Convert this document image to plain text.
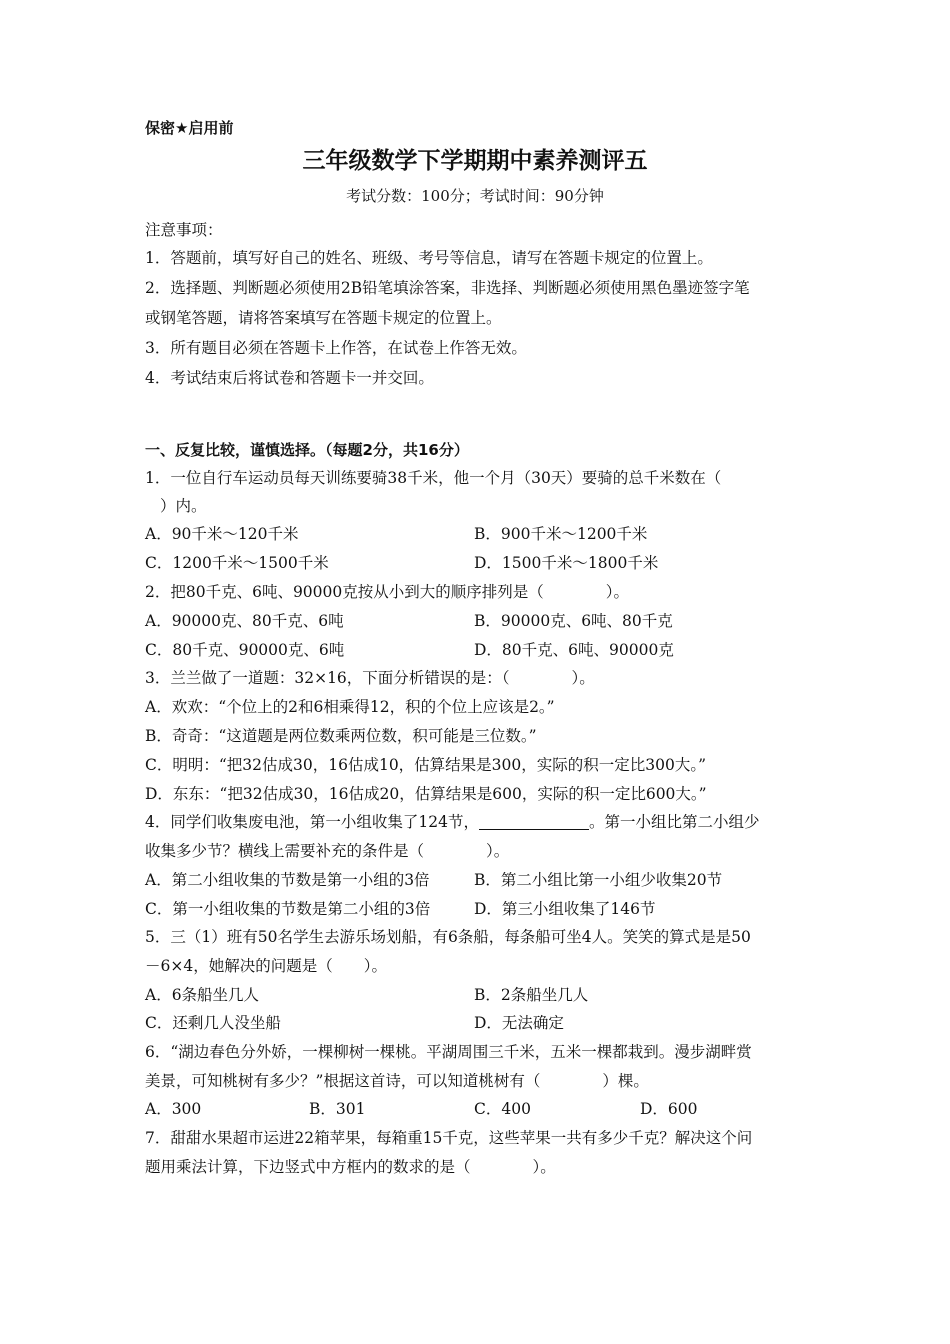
保密★启用前
三年级数学下学期期中素养测评五
考试分数：100分；考试时间：90分钟
注意事项：
1．答题前，填写好自己的姓名、班级、考号等信息，请写在答题卡规定的位置上。
2．选择题、判断题必须使用2B铅笔填涂答案，非选择、判断题必须使用黑色墨迹签字笔
或钢笔答题，请将答案填写在答题卡规定的位置上。
3．所有题目必须在答题卡上作答，在试卷上作答无效。
4．考试结束后将试卷和答题卡一并交回。
一、反复比较，谨慎选择。（每题2分，共16分）
1．一位自行车运动员每天训练要骑38千米，他一个月（30天）要骑的总千米数在（
）内。
A．90千米～120千米	B．900千米～1200千米
C．1200千米～1500千米	D．1500千米～1800千米
2．把80千克、6吨、90000克按从小到大的顺序排列是（　　　　）。
A．90000克、80千克、6吨	B．90000克、6吨、80千克
C．80千克、90000克、6吨	D．80千克、6吨、90000克
3．兰兰做了一道题：32×16，下面分析错误的是：（　　　　）。
A．欢欢：“个位上的2和6相乘得12，积的个位上应该是2。”
B．奇奇：“这道题是两位数乘两位数，积可能是三位数。”
C．明明：“把32估成30，16估成10，估算结果是300，实际的积一定比300大。”
D．东东：“把32估成30，16估成20，估算结果是600，实际的积一定比600大。”
4．同学们收集废电池，第一小组收集了124节，	。第一小组比第二小组少
收集多少节？横线上需要补充的条件是（　　　　）。
A．第二小组收集的节数是第一小组的3倍	B．第二小组比第一小组少收集20节
C．第一小组收集的节数是第二小组的3倍	D．第三小组收集了146节
5．三（1）班有50名学生去游乐场划船，有6条船，每条船可坐4人。笑笑的算式是是50
－6×4，她解决的问题是（　　）。
A．6条船坐几人	B．2条船坐几人
C．还剩几人没坐船	D．无法确定
6．“湖边春色分外娇，一棵柳树一棵桃。平湖周围三千米，五米一棵都栽到。漫步湖畔赏
美景，可知桃树有多少？”根据这首诗，可以知道桃树有（　　　　）棵。
A．300	B．301	C．400	D．600
7．甜甜水果超市运进22箱苹果，每箱重15千克，这些苹果一共有多少千克？解决这个问
题用乘法计算，下边竖式中方框内的数求的是（　　　　）。
